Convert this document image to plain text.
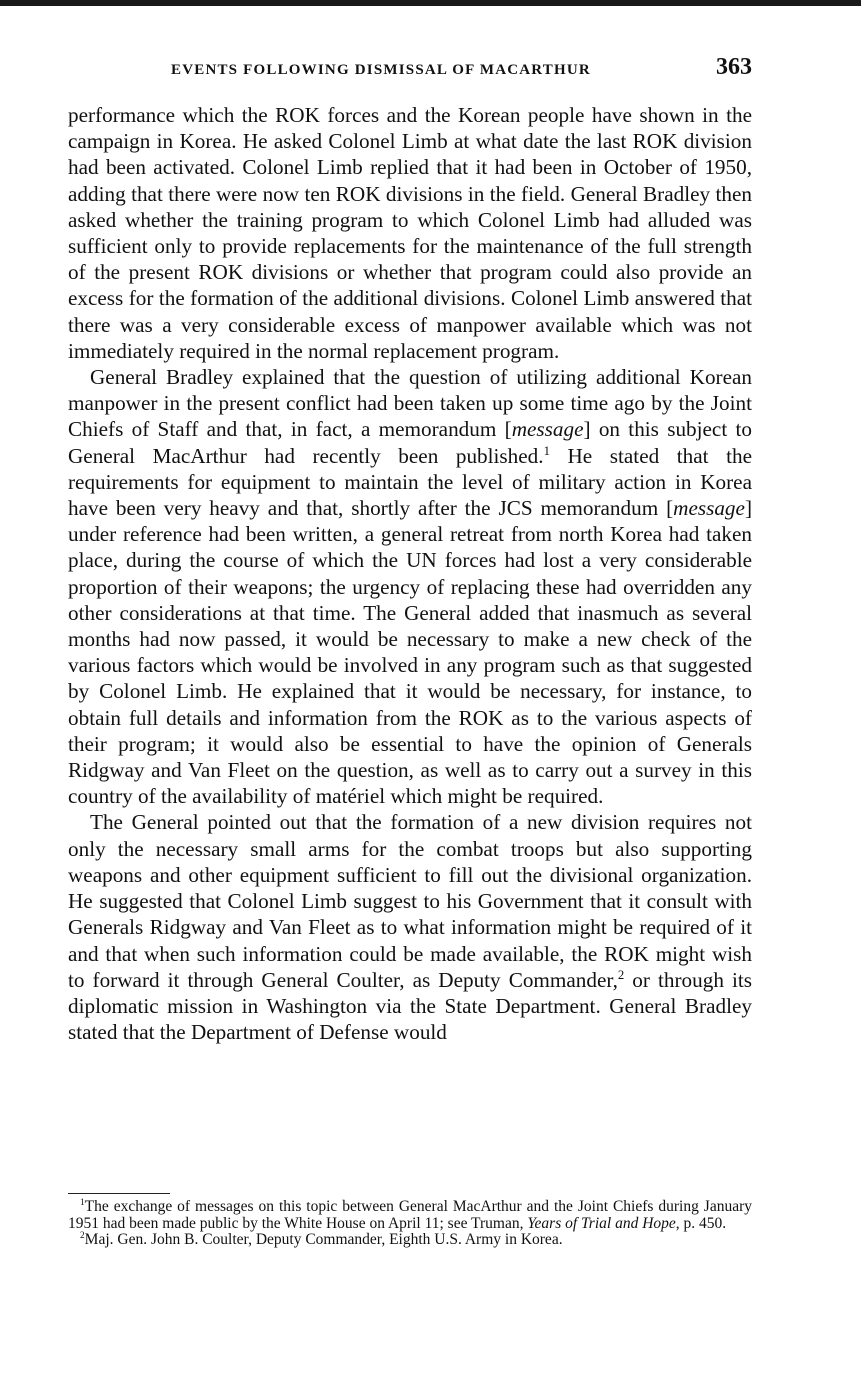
EVENTS FOLLOWING DISMISSAL OF MACARTHUR	363

performance which the ROK forces and the Korean people have shown in the campaign in Korea. He asked Colonel Limb at what date the last ROK division had been activated. Colonel Limb replied that it had been in October of 1950, adding that there were now ten ROK divisions in the field. General Bradley then asked whether the training program to which Colonel Limb had alluded was sufficient only to provide replacements for the maintenance of the full strength of the present ROK divisions or whether that program could also provide an excess for the formation of the additional divisions. Colonel Limb answered that there was a very considerable excess of manpower available which was not immediately required in the normal replacement program.

General Bradley explained that the question of utilizing additional Korean manpower in the present conflict had been taken up some time ago by the Joint Chiefs of Staff and that, in fact, a memorandum [message] on this subject to General MacArthur had recently been published.$^1$ He stated that the requirements for equipment to maintain the level of military action in Korea have been very heavy and that, shortly after the JCS memorandum [message] under reference had been written, a general retreat from north Korea had taken place, during the course of which the UN forces had lost a very considerable proportion of their weapons; the urgency of replacing these had overridden any other considerations at that time. The General added that inasmuch as several months had now passed, it would be necessary to make a new check of the various factors which would be involved in any program such as that suggested by Colonel Limb. He explained that it would be necessary, for instance, to obtain full details and information from the ROK as to the various aspects of their program; it would also be essential to have the opinion of Generals Ridgway and Van Fleet on the question, as well as to carry out a survey in this country of the availability of matériel which might be required.

The General pointed out that the formation of a new division requires not only the necessary small arms for the combat troops but also supporting weapons and other equipment sufficient to fill out the divisional organization. He suggested that Colonel Limb suggest to his Government that it consult with Generals Ridgway and Van Fleet as to what information might be required of it and that when such information could be made available, the ROK might wish to forward it through General Coulter, as Deputy Commander,$^2$ or through its diplomatic mission in Washington via the State Department. General Bradley stated that the Department of Defense would

$^1$The exchange of messages on this topic between General MacArthur and the Joint Chiefs during January 1951 had been made public by the White House on April 11; see Truman, Years of Trial and Hope, p. 450.

$^2$Maj. Gen. John B. Coulter, Deputy Commander, Eighth U.S. Army in Korea.
